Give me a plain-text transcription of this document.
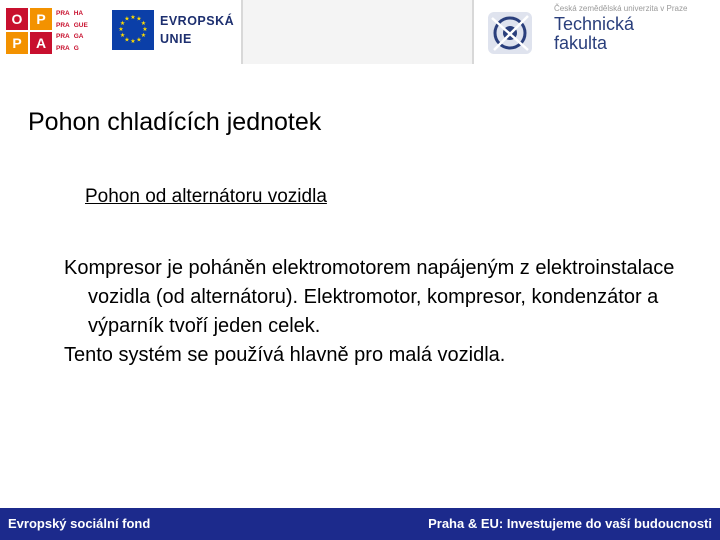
O P
P	A
PRA HA
PRA GUE
PRA GA
PRA G
★ ★
★
★
★
★
★
★
★
★
★
★ EVROPSKÁ
UNIE
Česká zemědělská univerzita v Praze
Technická
fakulta
Pohon chladících jednotek
Pohon od alternátoru vozidla

Kompresor je poháněn elektromotorem napájeným z elektroinstalace vozidla (od alternátoru). Elektromotor, kompresor, kondenzátor a výparník tvoří jeden celek.

Tento systém se používá hlavně pro malá vozidla.

Evropský sociální fond	Praha & EU: Investujeme do vaší budoucnosti
